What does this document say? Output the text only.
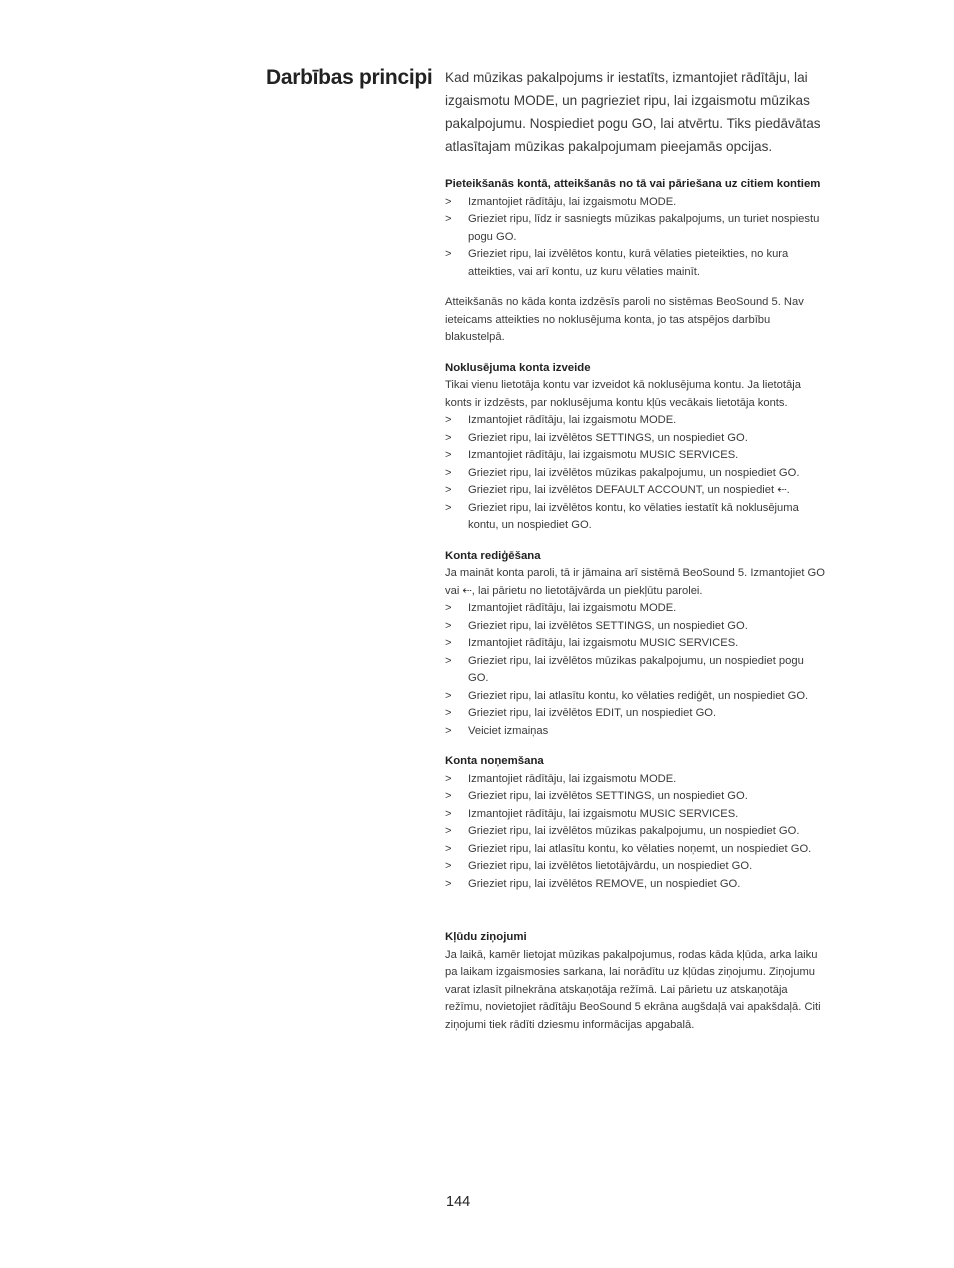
Darbības principi Kad mūzikas pakalpojums ir iestatīts, izmantojiet rādītāju, lai izgaismotu MODE, un pagrieziet ripu, lai izgaismotu mūzikas pakalpojumu. Nospiediet pogu GO, lai atvērtu. Tiks piedāvātas atlasītajam mūzikas pakalpojumam pieejamās opcijas.

Pieteikšanās kontā, atteikšanās no tā vai pāriešana uz citiem kontiem

> Izmantojiet rādītāju, lai izgaismotu MODE.
> Grieziet ripu, līdz ir sasniegts mūzikas pakalpojums, un turiet nospiestu pogu GO.
> Grieziet ripu, lai izvēlētos kontu, kurā vēlaties pieteikties, no kura atteikties, vai arī kontu, uz kuru vēlaties mainīt.

Atteikšanās no kāda konta izdzēsīs paroli no sistēmas BeoSound 5. Nav ieteicams atteikties no noklusējuma konta, jo tas atspējos darbību blakustelpā.

Noklusējuma konta izveide

Tikai vienu lietotāja kontu var izveidot kā noklusējuma kontu. Ja lietotāja konts ir izdzēsts, par noklusējuma kontu kļūs vecākais lietotāja konts.

> Izmantojiet rādītāju, lai izgaismotu MODE.
> Grieziet ripu, lai izvēlētos SETTINGS, un nospiediet GO.
> Izmantojiet rādītāju, lai izgaismotu MUSIC SERVICES.
> Grieziet ripu, lai izvēlētos mūzikas pakalpojumu, un nospiediet GO.
> Grieziet ripu, lai izvēlētos DEFAULT ACCOUNT, un nospiediet ⇠.
> Grieziet ripu, lai izvēlētos kontu, ko vēlaties iestatīt kā noklusējuma kontu, un nospiediet GO.

Konta rediģēšana

Ja maināt konta paroli, tā ir jāmaina arī sistēmā BeoSound 5. Izmantojiet GO vai ⇠, lai pārietu no lietotājvārda un piekļūtu parolei.

> Izmantojiet rādītāju, lai izgaismotu MODE.
> Grieziet ripu, lai izvēlētos SETTINGS, un nospiediet GO.
> Izmantojiet rādītāju, lai izgaismotu MUSIC SERVICES.
> Grieziet ripu, lai izvēlētos mūzikas pakalpojumu, un nospiediet pogu GO.
> Grieziet ripu, lai atlasītu kontu, ko vēlaties rediģēt, un nospiediet GO.
> Grieziet ripu, lai izvēlētos EDIT, un nospiediet GO.
> Veiciet izmaiņas

Konta noņemšana

> Izmantojiet rādītāju, lai izgaismotu MODE.
> Grieziet ripu, lai izvēlētos SETTINGS, un nospiediet GO.
> Izmantojiet rādītāju, lai izgaismotu MUSIC SERVICES.
> Grieziet ripu, lai izvēlētos mūzikas pakalpojumu, un nospiediet GO.
> Grieziet ripu, lai atlasītu kontu, ko vēlaties noņemt, un nospiediet GO.
> Grieziet ripu, lai izvēlētos lietotājvārdu, un nospiediet GO.
> Grieziet ripu, lai izvēlētos REMOVE, un nospiediet GO.

Kļūdu ziņojumi

Ja laikā, kamēr lietojat mūzikas pakalpojumus, rodas kāda kļūda, arka laiku pa laikam izgaismosies sarkana, lai norādītu uz kļūdas ziņojumu. Ziņojumu varat izlasīt pilnekrāna atskaņotāja režīmā. Lai pārietu uz atskaņotāja režīmu, novietojiet rādītāju BeoSound 5 ekrāna augšdaļā vai apakšdaļā. Citi ziņojumi tiek rādīti dziesmu informācijas apgabalā.

144
